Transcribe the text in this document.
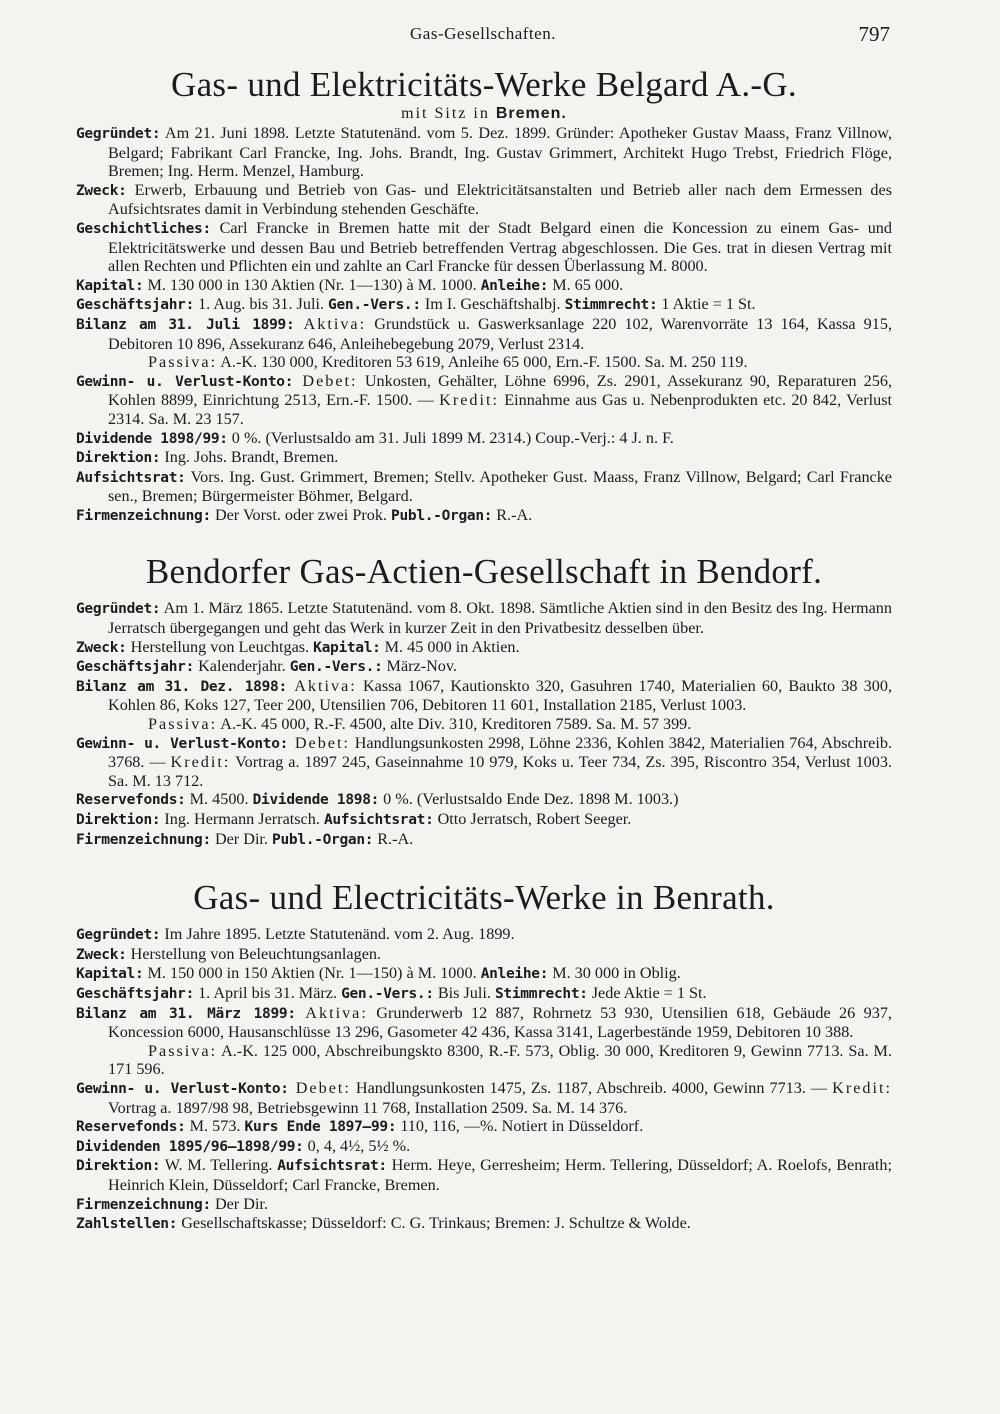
Gas-Gesellschaften.	797
Gas- und Elektricitäts-Werke Belgard A.-G.
mit Sitz in Bremen.

Gegründet: Am 21. Juni 1898. Letzte Statutenänd. vom 5. Dez. 1899. Gründer: Apotheker Gustav Maass, Franz Villnow, Belgard; Fabrikant Carl Francke, Ing. Johs. Brandt, Ing. Gustav Grimmert, Architekt Hugo Trebst, Friedrich Flöge, Bremen; Ing. Herm. Menzel, Hamburg.

Zweck: Erwerb, Erbauung und Betrieb von Gas- und Elektricitätsanstalten und Betrieb aller nach dem Ermessen des Aufsichtsrates damit in Verbindung stehenden Geschäfte.

Geschichtliches: Carl Francke in Bremen hatte mit der Stadt Belgard einen die Koncession zu einem Gas- und Elektricitätswerke und dessen Bau und Betrieb betreffenden Vertrag abgeschlossen. Die Ges. trat in diesen Vertrag mit allen Rechten und Pflichten ein und zahlte an Carl Francke für dessen Überlassung M. 8000.

Kapital: M. 130 000 in 130 Aktien (Nr. 1—130) à M. 1000. Anleihe: M. 65 000.

Geschäftsjahr: 1. Aug. bis 31. Juli. Gen.-Vers.: Im I. Geschäftshalbj. Stimmrecht: 1 Aktie = 1 St.

Bilanz am 31. Juli 1899: Aktiva: Grundstück u. Gaswerksanlage 220 102, Warenvorräte 13 164, Kassa 915, Debitoren 10 896, Assekuranz 646, Anleihebegebung 2079, Verlust 2314.

Passiva: A.-K. 130 000, Kreditoren 53 619, Anleihe 65 000, Ern.-F. 1500. Sa. M. 250 119.

Gewinn- u. Verlust-Konto: Debet: Unkosten, Gehälter, Löhne 6996, Zs. 2901, Assekuranz 90, Reparaturen 256, Kohlen 8899, Einrichtung 2513, Ern.-F. 1500. — Kredit: Einnahme aus Gas u. Nebenprodukten etc. 20 842, Verlust 2314. Sa. M. 23 157.

Dividende 1898/99: 0 %. (Verlustsaldo am 31. Juli 1899 M. 2314.) Coup.-Verj.: 4 J. n. F.

Direktion: Ing. Johs. Brandt, Bremen.

Aufsichtsrat: Vors. Ing. Gust. Grimmert, Bremen; Stellv. Apotheker Gust. Maass, Franz Villnow, Belgard; Carl Francke sen., Bremen; Bürgermeister Böhmer, Belgard.

Firmenzeichnung: Der Vorst. oder zwei Prok. Publ.-Organ: R.-A.

Bendorfer Gas-Actien-Gesellschaft in Bendorf.

Gegründet: Am 1. März 1865. Letzte Statutenänd. vom 8. Okt. 1898. Sämtliche Aktien sind in den Besitz des Ing. Hermann Jerratsch übergegangen und geht das Werk in kurzer Zeit in den Privatbesitz desselben über.

Zweck: Herstellung von Leuchtgas. Kapital: M. 45 000 in Aktien.

Geschäftsjahr: Kalenderjahr. Gen.-Vers.: März-Nov.

Bilanz am 31. Dez. 1898: Aktiva: Kassa 1067, Kautionskto 320, Gasuhren 1740, Materialien 60, Baukto 38 300, Kohlen 86, Koks 127, Teer 200, Utensilien 706, Debitoren 11 601, Installation 2185, Verlust 1003.

Passiva: A.-K. 45 000, R.-F. 4500, alte Div. 310, Kreditoren 7589. Sa. M. 57 399.

Gewinn- u. Verlust-Konto: Debet: Handlungsunkosten 2998, Löhne 2336, Kohlen 3842, Materialien 764, Abschreib. 3768. — Kredit: Vortrag a. 1897 245, Gaseinnahme 10 979, Koks u. Teer 734, Zs. 395, Riscontro 354, Verlust 1003. Sa. M. 13 712.

Reservefonds: M. 4500. Dividende 1898: 0 %. (Verlustsaldo Ende Dez. 1898 M. 1003.)

Direktion: Ing. Hermann Jerratsch. Aufsichtsrat: Otto Jerratsch, Robert Seeger.

Firmenzeichnung: Der Dir. Publ.-Organ: R.-A.

Gas- und Electricitäts-Werke in Benrath.

Gegründet: Im Jahre 1895. Letzte Statutenänd. vom 2. Aug. 1899.

Zweck: Herstellung von Beleuchtungsanlagen.

Kapital: M. 150 000 in 150 Aktien (Nr. 1—150) à M. 1000. Anleihe: M. 30 000 in Oblig.

Geschäftsjahr: 1. April bis 31. März. Gen.-Vers.: Bis Juli. Stimmrecht: Jede Aktie = 1 St.

Bilanz am 31. März 1899: Aktiva: Grunderwerb 12 887, Rohrnetz 53 930, Utensilien 618, Gebäude 26 937, Koncession 6000, Hausanschlüsse 13 296, Gasometer 42 436, Kassa 3141, Lagerbestände 1959, Debitoren 10 388.

Passiva: A.-K. 125 000, Abschreibungskto 8300, R.-F. 573, Oblig. 30 000, Kreditoren 9, Gewinn 7713. Sa. M. 171 596.

Gewinn- u. Verlust-Konto: Debet: Handlungsunkosten 1475, Zs. 1187, Abschreib. 4000, Gewinn 7713. — Kredit: Vortrag a. 1897/98 98, Betriebsgewinn 11 768, Installation 2509. Sa. M. 14 376.

Reservefonds: M. 573. Kurs Ende 1897—99: 110, 116, —%. Notiert in Düsseldorf.

Dividenden 1895/96—1898/99: 0, 4, 4½, 5½ %.

Direktion: W. M. Tellering. Aufsichtsrat: Herm. Heye, Gerresheim; Herm. Tellering, Düsseldorf; A. Roelofs, Benrath; Heinrich Klein, Düsseldorf; Carl Francke, Bremen.

Firmenzeichnung: Der Dir.

Zahlstellen: Gesellschaftskasse; Düsseldorf: C. G. Trinkaus; Bremen: J. Schultze & Wolde.
